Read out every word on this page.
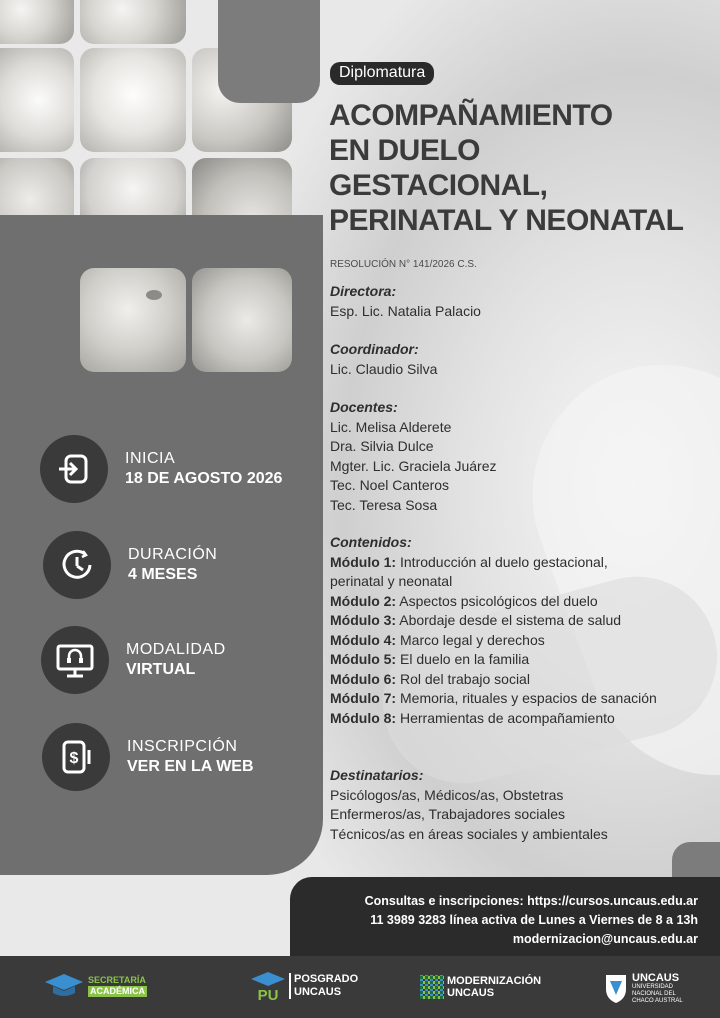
Diplomatura
ACOMPAÑAMIENTO
EN DUELO
GESTACIONAL,
PERINATAL Y NEONATAL
RESOLUCIÓN N° 141/2026 C.S.
Directora:
Esp. Lic. Natalia Palacio
Coordinador:
Lic. Claudio Silva
Docentes:
Lic. Melisa Alderete
Dra. Silvia Dulce
Mgter. Lic. Graciela Juárez
Tec. Noel Canteros
Tec. Teresa Sosa
Contenidos:
Módulo 1: Introducción al duelo gestacional, perinatal y neonatal
Módulo 2: Aspectos psicológicos del duelo
Módulo 3: Abordaje desde el sistema de salud
Módulo 4: Marco legal y derechos
Módulo 5: El duelo en la familia
Módulo 6: Rol del trabajo social
Módulo 7: Memoria, rituales y espacios de sanación
Módulo 8: Herramientas de acompañamiento
Destinatarios:
Psicólogos/as, Médicos/as, Obstetras
Enfermeros/as, Trabajadores sociales
Técnicos/as en áreas sociales y ambientales
INICIA
18 DE AGOSTO 2026
DURACIÓN
4 MESES
MODALIDAD
VIRTUAL
$
INSCRIPCIÓN
VER EN LA WEB
Consultas e inscripciones: https://cursos.uncaus.edu.ar
11 3989 3283 línea activa de Lunes a Viernes de 8 a 13h
modernizacion@uncaus.edu.ar
SECRETARÍA
ACADÉMICA	PU
POSGRADO
UNCAUS
MODERNIZACIÓN
UNCAUS
UNCAUS
UNIVERSIDAD
NACIONAL DEL
CHACO AUSTRAL
